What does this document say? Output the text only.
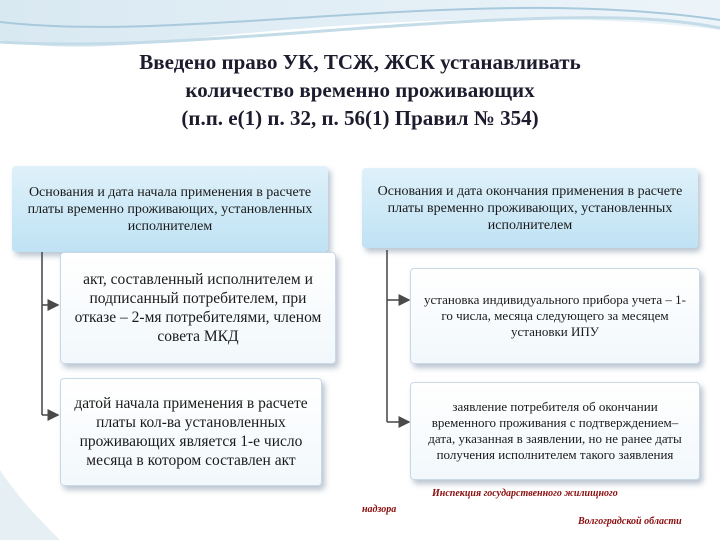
Введено право УК, ТСЖ, ЖСК устанавливать
количество временно проживающих
(п.п. е(1) п. 32, п. 56(1) Правил № 354)
Основания и дата начала применения в расчете платы временно проживающих, установленных исполнителем
Основания и дата окончания применения в расчете платы временно проживающих, установленных исполнителем
акт, составленный исполнителем и подписанный потребителем, при отказе – 2-мя потребителями, членом совета МКД
датой начала применения в расчете платы кол-ва установленных проживающих является 1-е число месяца в котором составлен акт
установка индивидуального прибора учета – 1-го числа, месяца следующего за месяцем установки ИПУ
заявление потребителя об окончании временного проживания с подтверждением– дата, указанная в заявлении, но не ранее даты получения исполнителем такого заявления
Инспекция государственного жилищного
надзора
Волгоградской области
